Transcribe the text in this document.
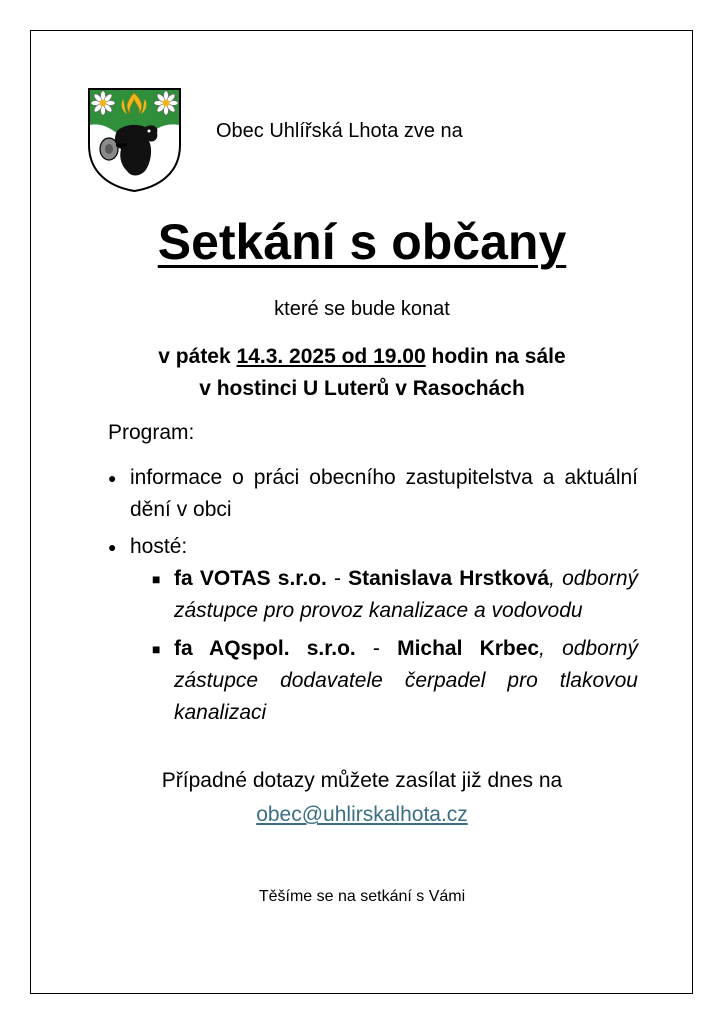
Obec Uhlířská Lhota zve na
Setkání s občany
které se bude konat
v pátek 14.3. 2025 od 19.00 hodin na sále
v hostinci U Luterů v Rasochách
Program:
● informace o práci obecního zastupitelstva a aktuální dění v obci
● hosté:
■ fa VOTAS s.r.o. - Stanislava Hrstková, odborný zástupce pro provoz kanalizace a vodovodu
■ fa AQspol. s.r.o. - Michal Krbec, odborný zástupce dodavatele čerpadel pro tlakovou kanalizaci
Případné dotazy můžete zasílat již dnes na
obec@uhlirskalhota.cz
Těšíme se na setkání s Vámi
